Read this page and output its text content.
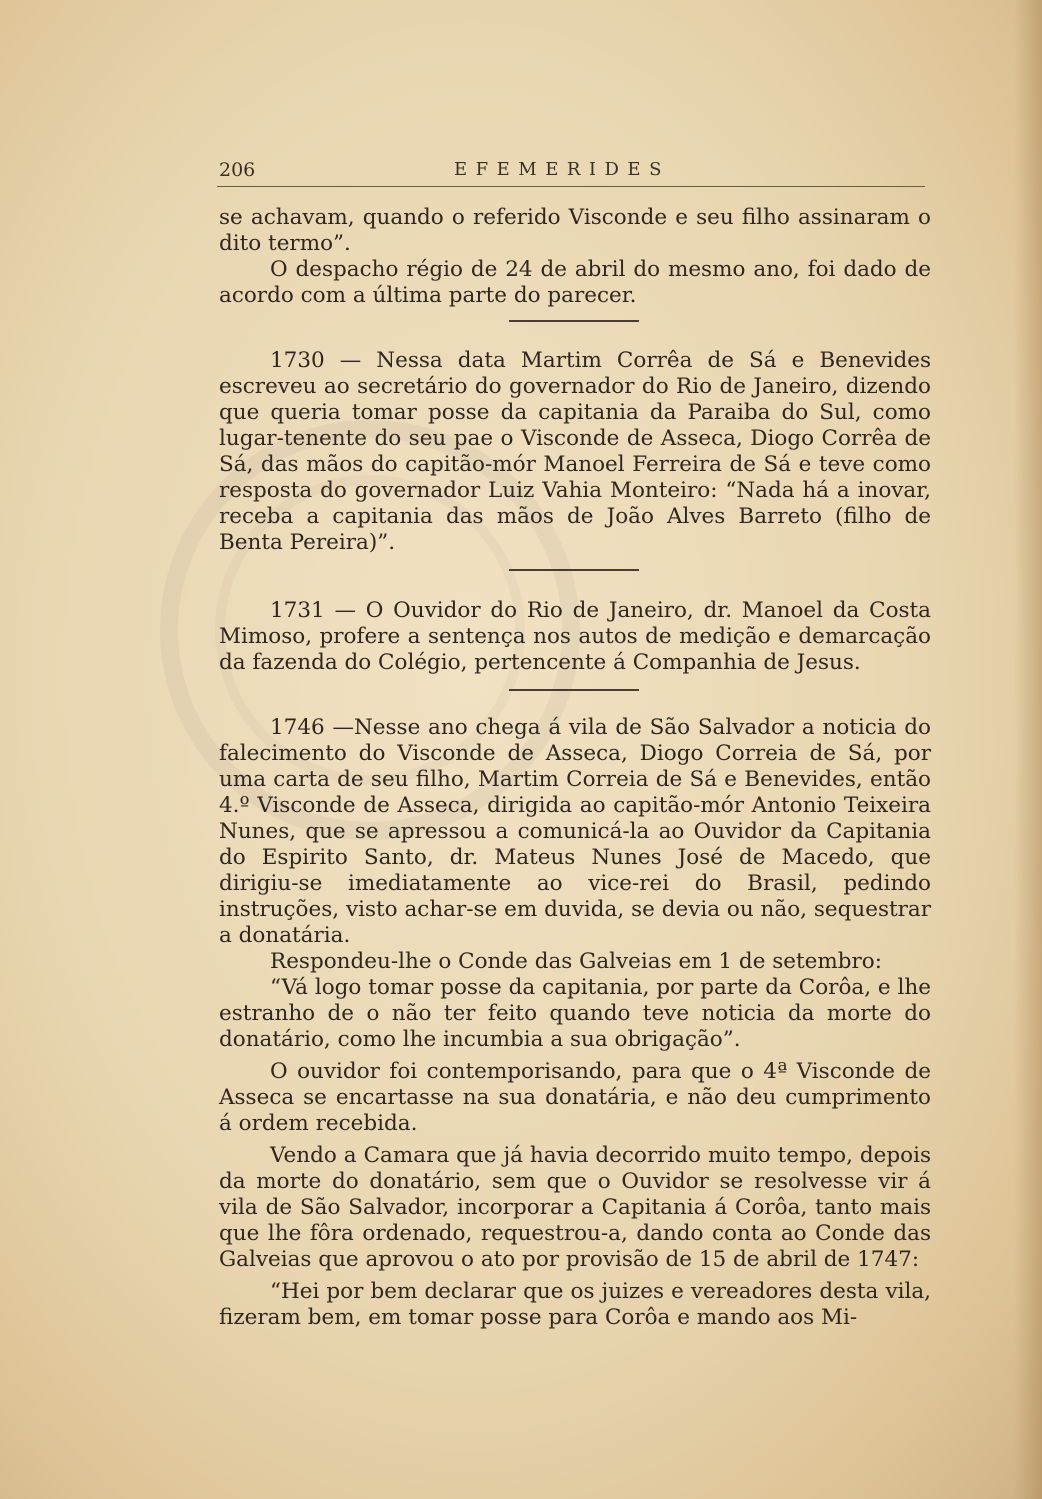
206	EFEMERIDES

se achavam, quando o referido Visconde e seu filho assinaram o dito termo”.

O despacho régio de 24 de abril do mesmo ano, foi dado de acordo com a última parte do parecer.

1730 — Nessa data Martim Corrêa de Sá e Benevides escreveu ao secretário do governador do Rio de Janeiro, dizendo que queria tomar posse da capitania da Paraiba do Sul, como lugar-tenente do seu pae o Visconde de Asseca, Diogo Corrêa de Sá, das mãos do capitão-mór Manoel Ferreira de Sá e teve como resposta do governador Luiz Vahia Monteiro: “Nada há a inovar, receba a capitania das mãos de João Alves Barreto (filho de Benta Pereira)”.

1731 — O Ouvidor do Rio de Janeiro, dr. Manoel da Costa Mimoso, profere a sentença nos autos de medição e demarcação da fazenda do Colégio, pertencente á Companhia de Jesus.

1746 —Nesse ano chega á vila de São Salvador a noticia do falecimento do Visconde de Asseca, Diogo Correia de Sá, por uma carta de seu filho, Martim Correia de Sá e Benevides, então 4.º Visconde de Asseca, dirigida ao capitão-mór Antonio Teixeira Nunes, que se apressou a comunicá-la ao Ouvidor da Capitania do Espirito Santo, dr. Mateus Nunes José de Macedo, que dirigiu-se imediatamente ao vice-rei do Brasil, pedindo instruções, visto achar-se em duvida, se devia ou não, sequestrar a donatária.

Respondeu-lhe o Conde das Galveias em 1 de setembro:

“Vá logo tomar posse da capitania, por parte da Corôa, e lhe estranho de o não ter feito quando teve noticia da morte do donatário, como lhe incumbia a sua obrigação”.

O ouvidor foi contemporisando, para que o 4ª Visconde de Asseca se encartasse na sua donatária, e não deu cumprimento á ordem recebida.

Vendo a Camara que já havia decorrido muito tempo, depois da morte do donatário, sem que o Ouvidor se resolvesse vir á vila de São Salvador, incorporar a Capitania á Corôa, tanto mais que lhe fôra ordenado, requestrou-a, dando conta ao Conde das Galveias que aprovou o ato por provisão de 15 de abril de 1747:

“Hei por bem declarar que os juizes e vereadores desta vila, fizeram bem, em tomar posse para Corôa e mando aos Mi-
